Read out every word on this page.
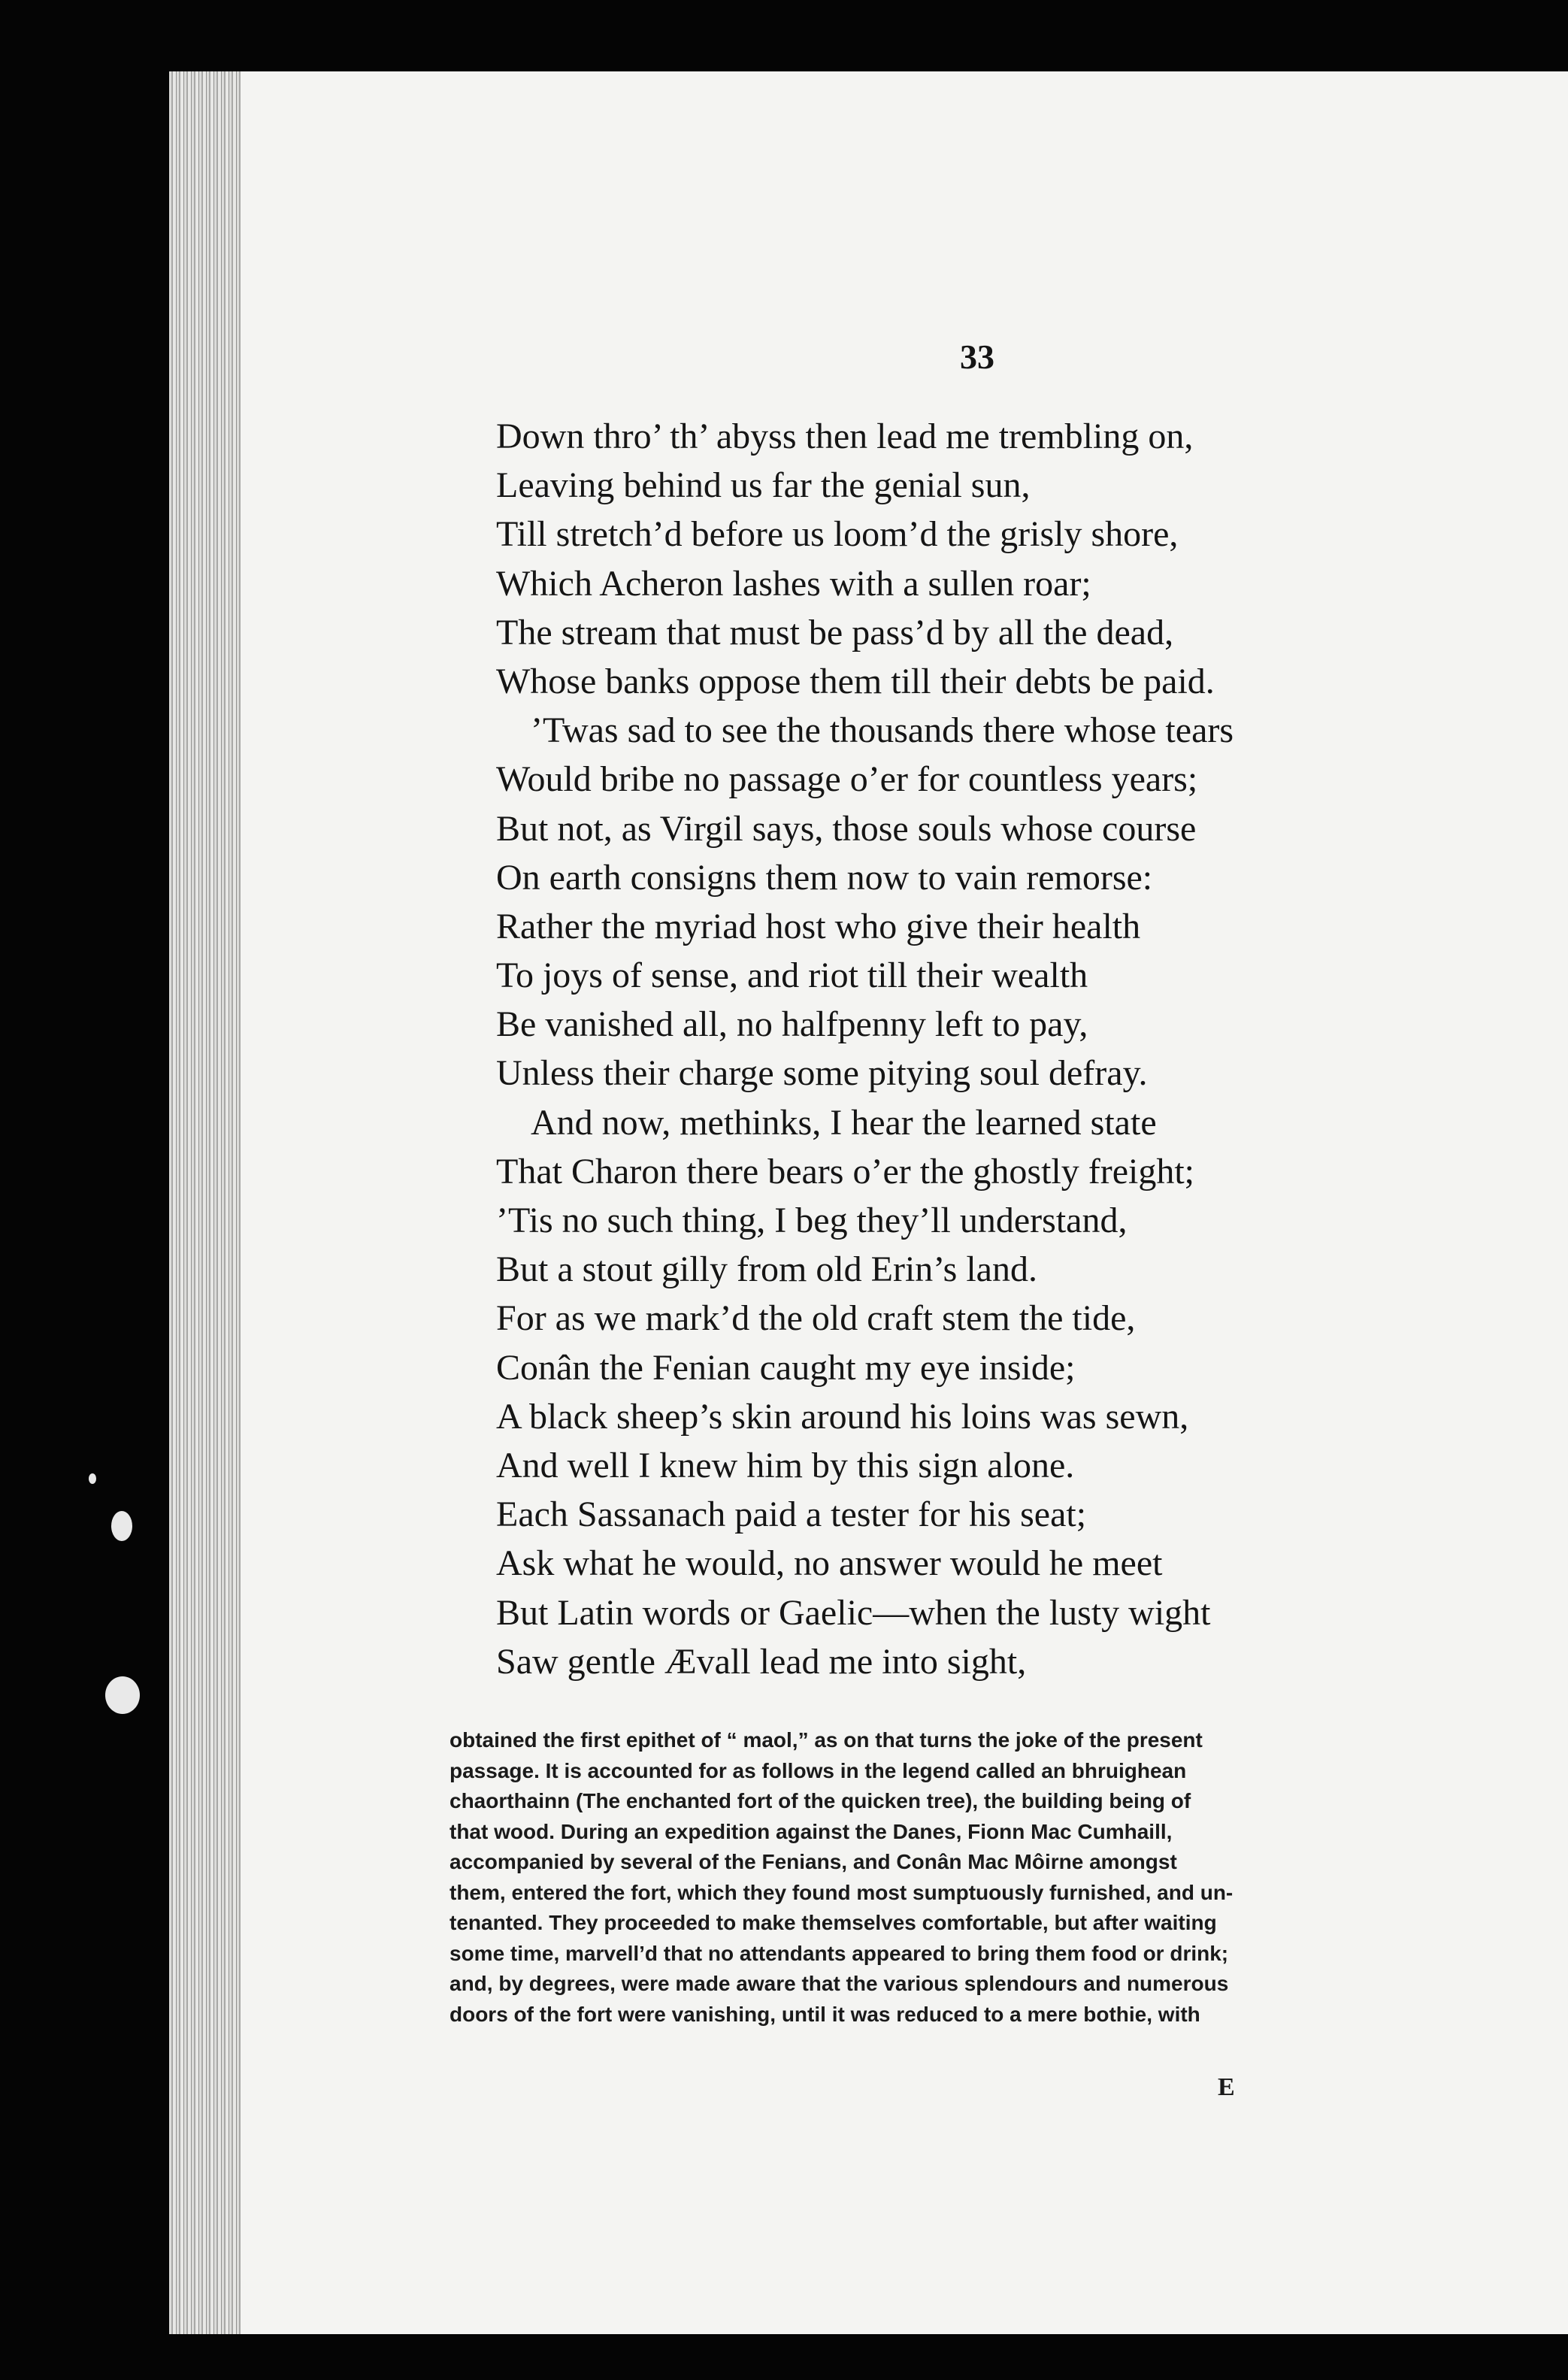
33
Down thro’ th’ abyss then lead me trembling on,
Leaving behind us far the genial sun,
Till stretch’d before us loom’d the grisly shore,
Which Acheron lashes with a sullen roar;
The stream that must be pass’d by all the dead,
Whose banks oppose them till their debts be paid.
’Twas sad to see the thousands there whose tears
Would bribe no passage o’er for countless years;
But not, as Virgil says, those souls whose course
On earth consigns them now to vain remorse:
Rather the myriad host who give their health
To joys of sense, and riot till their wealth
Be vanished all, no halfpenny left to pay,
Unless their charge some pitying soul defray.
And now, methinks, I hear the learned state
That Charon there bears o’er the ghostly freight;
’Tis no such thing, I beg they’ll understand,
But a stout gilly from old Erin’s land.
For as we mark’d the old craft stem the tide,
Conân the Fenian caught my eye inside;
A black sheep’s skin around his loins was sewn,
And well I knew him by this sign alone.
Each Sassanach paid a tester for his seat;
Ask what he would, no answer would he meet
But Latin words or Gaelic—when the lusty wight
Saw gentle Ævall lead me into sight,
obtained the first epithet of “ maol,” as on that turns the joke of the present
passage. It is accounted for as follows in the legend called an bhruighean
chaorthainn (The enchanted fort of the quicken tree), the building being of
that wood. During an expedition against the Danes, Fionn Mac Cumhaill,
accompanied by several of the Fenians, and Conân Mac Môirne amongst
them, entered the fort, which they found most sumptuously furnished, and un-
tenanted. They proceeded to make themselves comfortable, but after waiting
some time, marvell’d that no attendants appeared to bring them food or drink;
and, by degrees, were made aware that the various splendours and numerous
doors of the fort were vanishing, until it was reduced to a mere bothie, with
E
